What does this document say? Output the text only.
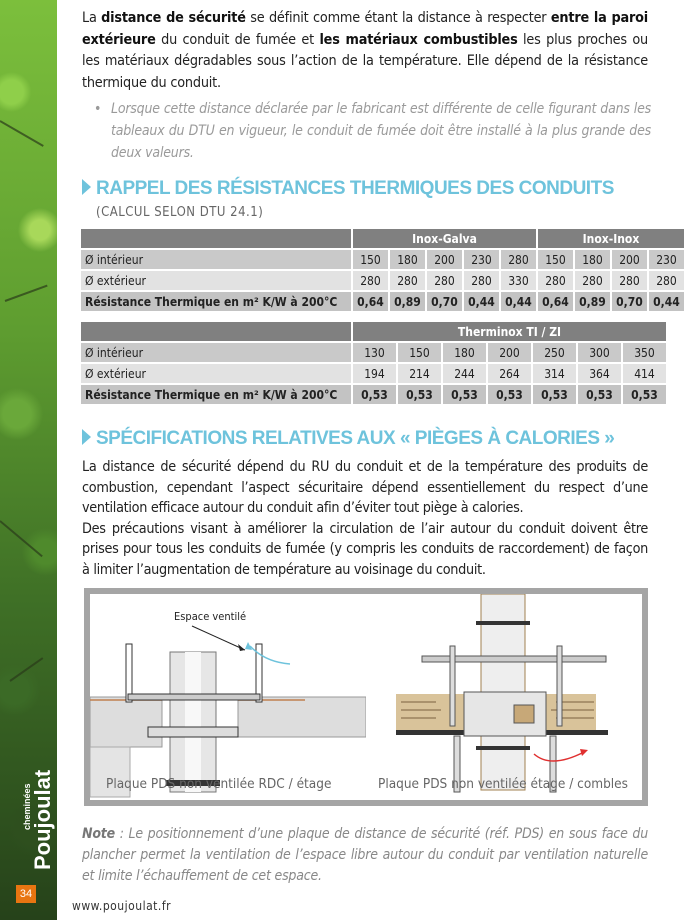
cheminées
Poujoulat
34

La distance de sécurité se définit comme étant la distance à respecter entre la paroi extérieure du conduit de fumée et les matériaux combustibles les plus proches ou les matériaux dégradables sous l’action de la température. Elle dépend de la résistance thermique du conduit.

• Lorsque cette distance déclarée par le fabricant est différente de celle figurant dans les tableaux du DTU en vigueur, le conduit de fumée doit être installé à la plus grande des deux valeurs.

RAPPEL DES RÉSISTANCES THERMIQUES DES CONDUITS
(CALCUL SELON DTU 24.1)
	Inox-Galva					Inox-Inox			
Ø intérieur	150	180	200	230	280	150	180	200	230
Ø extérieur	280	280	280	280	330	280	280	280	280
Résistance Thermique en m² K/W à 200°C	0,64	0,89	0,70	0,44	0,44	0,64	0,89	0,70	0,44
	Therminox TI / ZI						
Ø intérieur	130	150	180	200	250	300	350
Ø extérieur	194	214	244	264	314	364	414
Résistance Thermique en m² K/W à 200°C	0,53	0,53	0,53	0,53	0,53	0,53	0,53
SPÉCIFICATIONS RELATIVES AUX « PIÈGES À CALORIES »

La distance de sécurité dépend du RU du conduit et de la température des produits de combustion, cependant l’aspect sécuritaire dépend essentiellement du respect d’une ventilation efficace autour du conduit afin d’éviter tout piège à calories.

Des précautions visant à améliorer la circulation de l’air autour du conduit doivent être prises pour tous les conduits de fumée (y compris les conduits de raccordement) de façon à limiter l’augmentation de température au voisinage du conduit.

Espace ventilé
Plaque PDS non ventilée RDC / étage	Plaque PDS non ventilée étage / combles

Note : Le positionnement d’une plaque de distance de sécurité (réf. PDS) en sous face du plancher permet la ventilation de l’espace libre autour du conduit par ventilation naturelle et limite l’échauffement de cet espace.

www.poujoulat.fr
